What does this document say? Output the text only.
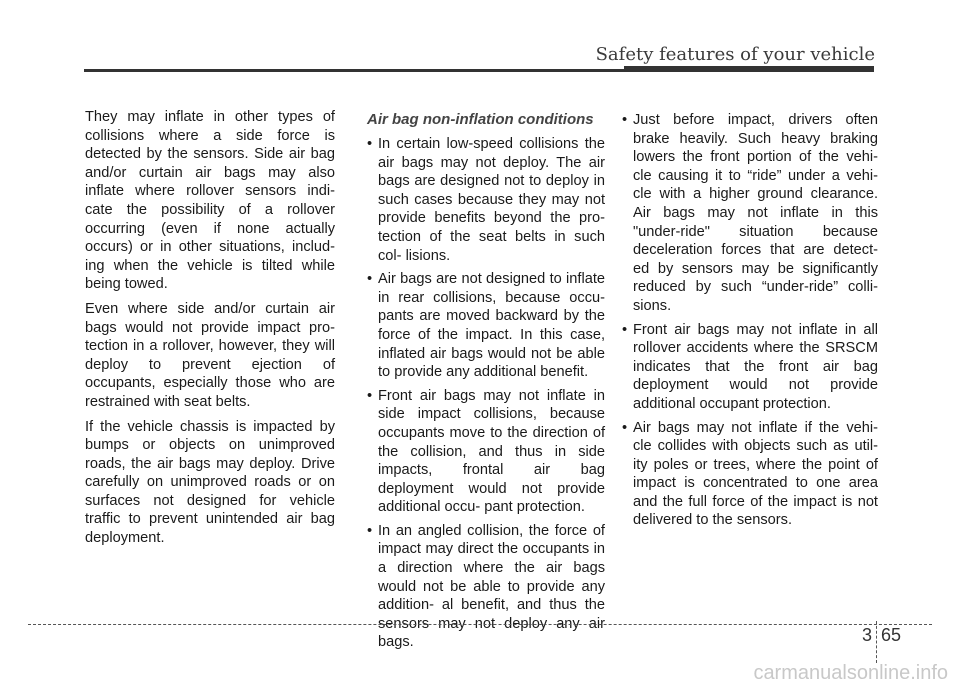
Safety features of your vehicle

They may inflate in other types of collisions where a side force is detected by the sensors. Side air bag and/or curtain air bags may also inflate where rollover sensors indi- cate the possibility of a rollover occurring (even if none actually occurs) or in other situations, includ- ing when the vehicle is tilted while being towed.

Even where side and/or curtain air bags would not provide impact pro- tection in a rollover, however, they will deploy to prevent ejection of occupants, especially those who are restrained with seat belts.

If the vehicle chassis is impacted by bumps or objects on unimproved roads, the air bags may deploy. Drive carefully on unimproved roads or on surfaces not designed for vehicle traffic to prevent unintended air bag deployment.

Air bag non-inflation conditions
• In certain low-speed collisions the air bags may not deploy. The air bags are designed not to deploy in such cases because they may not provide benefits beyond the pro- tection of the seat belts in such col- lisions.
• Air bags are not designed to inflate in rear collisions, because occu- pants are moved backward by the force of the impact. In this case, inflated air bags would not be able to provide any additional benefit.
• Front air bags may not inflate in side impact collisions, because occupants move to the direction of the collision, and thus in side impacts, frontal air bag deployment would not provide additional occu- pant protection.
• In an angled collision, the force of impact may direct the occupants in a direction where the air bags would not be able to provide any addition- al benefit, and thus the sensors may not deploy any air bags.
• Just before impact, drivers often brake heavily. Such heavy braking lowers the front portion of the vehi- cle causing it to “ride” under a vehi- cle with a higher ground clearance. Air bags may not inflate in this "under-ride" situation because deceleration forces that are detect- ed by sensors may be significantly reduced by such “under-ride” colli- sions.
• Front air bags may not inflate in all rollover accidents where the SRSCM indicates that the front air bag deployment would not provide additional occupant protection.
• Air bags may not inflate if the vehi- cle collides with objects such as util- ity poles or trees, where the point of impact is concentrated to one area and the full force of the impact is not delivered to the sensors.
3 65
carmanualsonline.info
